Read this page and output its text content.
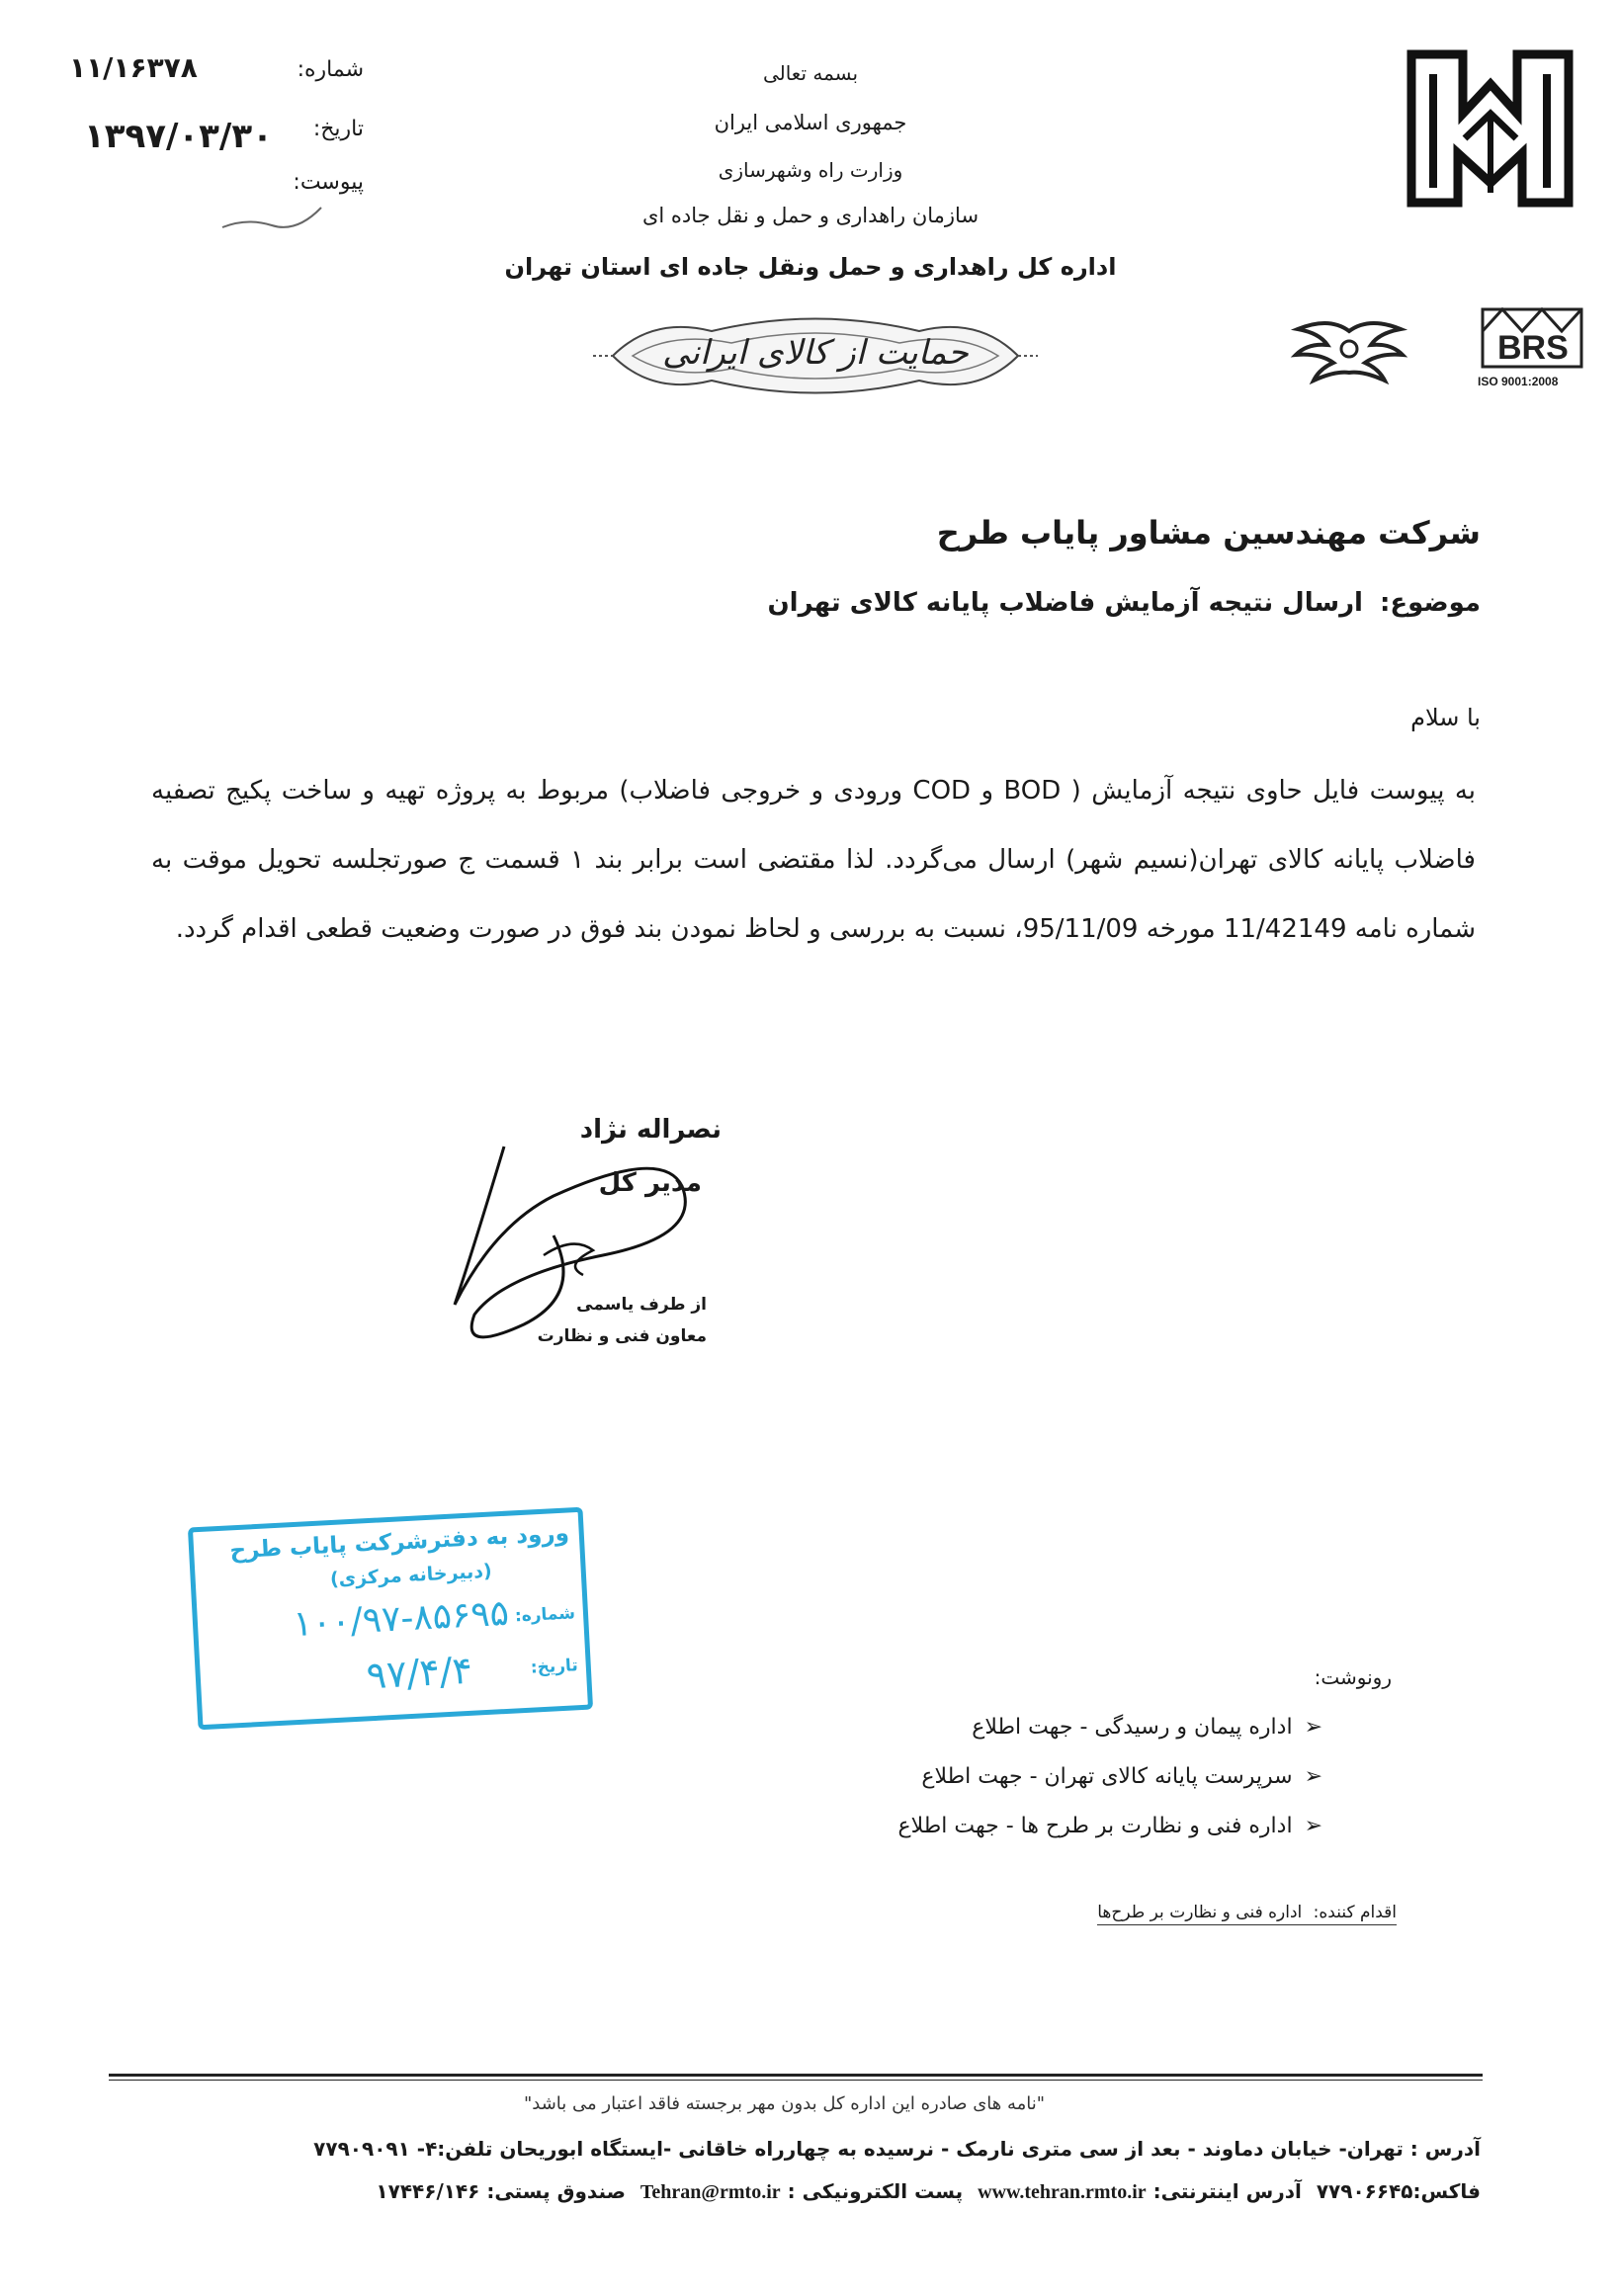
بسمه تعالی
جمهوری اسلامی ایران
وزارت راه وشهرسازی
سازمان راهداری و حمل و نقل جاده ای
اداره کل راهداری و حمل ونقل جاده ای استان تهران
شماره:
۱۱/۱۶۳۷۸
تاریخ:
۱۳۹۷/۰۳/۳۰
پیوست:
حمایت از کالای ایرانی	BRS
ISO 9001:2008
شرکت مهندسین مشاور پایاب طرح
موضوع: ارسال نتیجه آزمایش فاضلاب پایانه کالای تهران
با سلام
به پیوست فایل حاوی نتیجه آزمایش ( BOD و COD ورودی و خروجی فاضلاب) مربوط به پروژه تهیه و ساخت پکیج تصفیه فاضلاب پایانه کالای تهران(نسیم شهر) ارسال می‌گردد. لذا مقتضی است برابر بند ۱ قسمت ج صورتجلسه تحویل موقت به شماره نامه 11/42149 مورخه 95/11/09، نسبت به بررسی و لحاظ نمودن بند فوق در صورت وضعیت قطعی اقدام گردد.
نصراله نژاد
مدیر کل
از طرف یاسمی
معاون فنی و نظارت
ورود به دفترشرکت پایاب طرح
(دبیرخانه مرکزی)
شماره:
۱۰۰/۹۷-۸۵۶۹۵
تاریخ:
۹۷/۴/۴	رونوشت:
➢اداره پیمان و رسیدگی - جهت اطلاع
➢سرپرست پایانه کالای تهران - جهت اطلاع
➢اداره فنی و نظارت بر طرح ها - جهت اطلاع
اقدام کننده: اداره فنی و نظارت بر طرح‌ها
"نامه های صادره این اداره کل بدون مهر برجسته فاقد اعتبار می باشد"
آدرس : تهران- خیابان دماوند - بعد از سی متری نارمک - نرسیده به چهارراه خاقانی -ایستگاه ابوریحان تلفن:۴- ۷۷۹۰۹۰۹۱
فاکس:۷۷۹۰۶۶۴۵ آدرس اینترنتی: www.tehran.rmto.ir پست الکترونیکی : Tehran@rmto.ir صندوق پستی: ۱۷۴۴۶/۱۴۶
